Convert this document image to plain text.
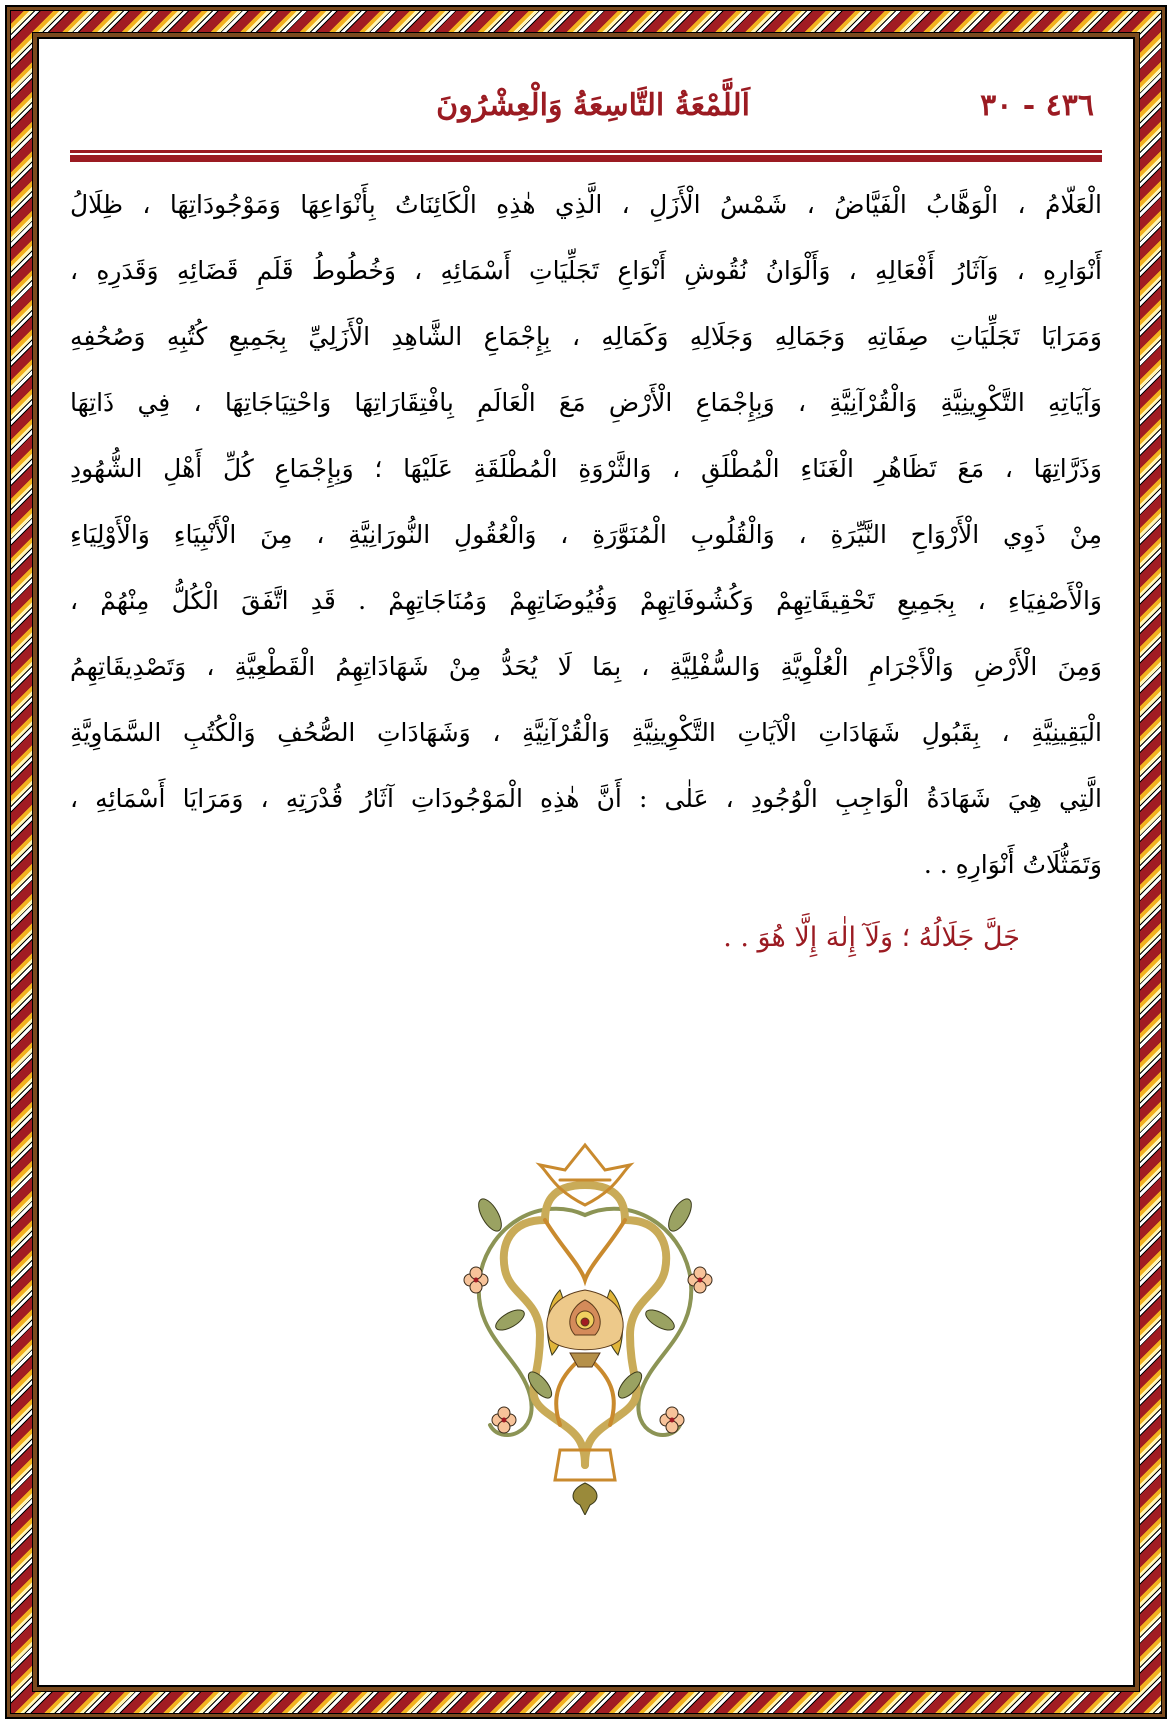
٤٣٦ - ٣٠
اَللَّمْعَةُ التَّاسِعَةُ وَالْعِشْرُونَ
الْعَلّامُ ، الْوَهَّابُ الْفَيَّاضُ ، شَمْسُ الْأَزَلِ ، الَّذِي هٰذِهِ الْكَائِنَاتُ بِأَنْوَاعِهَا وَمَوْجُودَاتِهَا ، ظِلَالُ
أَنْوَارِهِ ، وَآثَارُ أَفْعَالِهِ ، وَأَلْوَانُ نُقُوشِ أَنْوَاعِ تَجَلِّيَاتِ أَسْمَائِهِ ، وَخُطُوطُ قَلَمِ قَضَائِهِ وَقَدَرِهِ ،
وَمَرَايَا تَجَلِّيَاتِ صِفَاتِهِ وَجَمَالِهِ وَجَلَالِهِ وَكَمَالِهِ ، بِإِجْمَاعِ الشَّاهِدِ الْأَزَلِيِّ بِجَمِيعِ كُتُبِهِ وَصُحُفِهِ
وَآيَاتِهِ التَّكْوِينِيَّةِ وَالْقُرْآنِيَّةِ ، وَبِإِجْمَاعِ الْأَرْضِ مَعَ الْعَالَمِ بِافْتِقَارَاتِهَا وَاحْتِيَاجَاتِهَا ، فِي ذَاتِهَا
وَذَرَّاتِهَا ، مَعَ تَظَاهُرِ الْغَنَاءِ الْمُطْلَقِ ، وَالثَّرْوَةِ الْمُطْلَقَةِ عَلَيْهَا ؛ وَبِإِجْمَاعِ كُلِّ أَهْلِ الشُّهُودِ
مِنْ ذَوِي الْأَرْوَاحِ النَّيِّرَةِ ، وَالْقُلُوبِ الْمُنَوَّرَةِ ، وَالْعُقُولِ النُّورَانِيَّةِ ، مِنَ الْأَنْبِيَاءِ وَالْأَوْلِيَاءِ
وَالْأَصْفِيَاءِ ، بِجَمِيعِ تَحْقِيقَاتِهِمْ وَكُشُوفَاتِهِمْ وَفُيُوضَاتِهِمْ وَمُنَاجَاتِهِمْ . قَدِ اتَّفَقَ الْكُلُّ مِنْهُمْ ،
وَمِنَ الْأَرْضِ وَالْأَجْرَامِ الْعُلْوِيَّةِ وَالسُّفْلِيَّةِ ، بِمَا لَا يُحَدُّ مِنْ شَهَادَاتِهِمُ الْقَطْعِيَّةِ ، وَتَصْدِيقَاتِهِمُ
الْيَقِينِيَّةِ ، بِقَبُولِ شَهَادَاتِ الْآيَاتِ التَّكْوِينِيَّةِ وَالْقُرْآنِيَّةِ ، وَشَهَادَاتِ الصُّحُفِ وَالْكُتُبِ السَّمَاوِيَّةِ
الَّتِي هِيَ شَهَادَةُ الْوَاجِبِ الْوُجُودِ ، عَلٰى : أَنَّ هٰذِهِ الْمَوْجُودَاتِ آثَارُ قُدْرَتِهِ ، وَمَرَايَا أَسْمَائِهِ ،
وَتَمَثُّلَاتُ أَنْوَارِهِ . .
جَلَّ جَلَالُهُ ؛ وَلَآ إِلٰهَ إِلَّا هُوَ . .
